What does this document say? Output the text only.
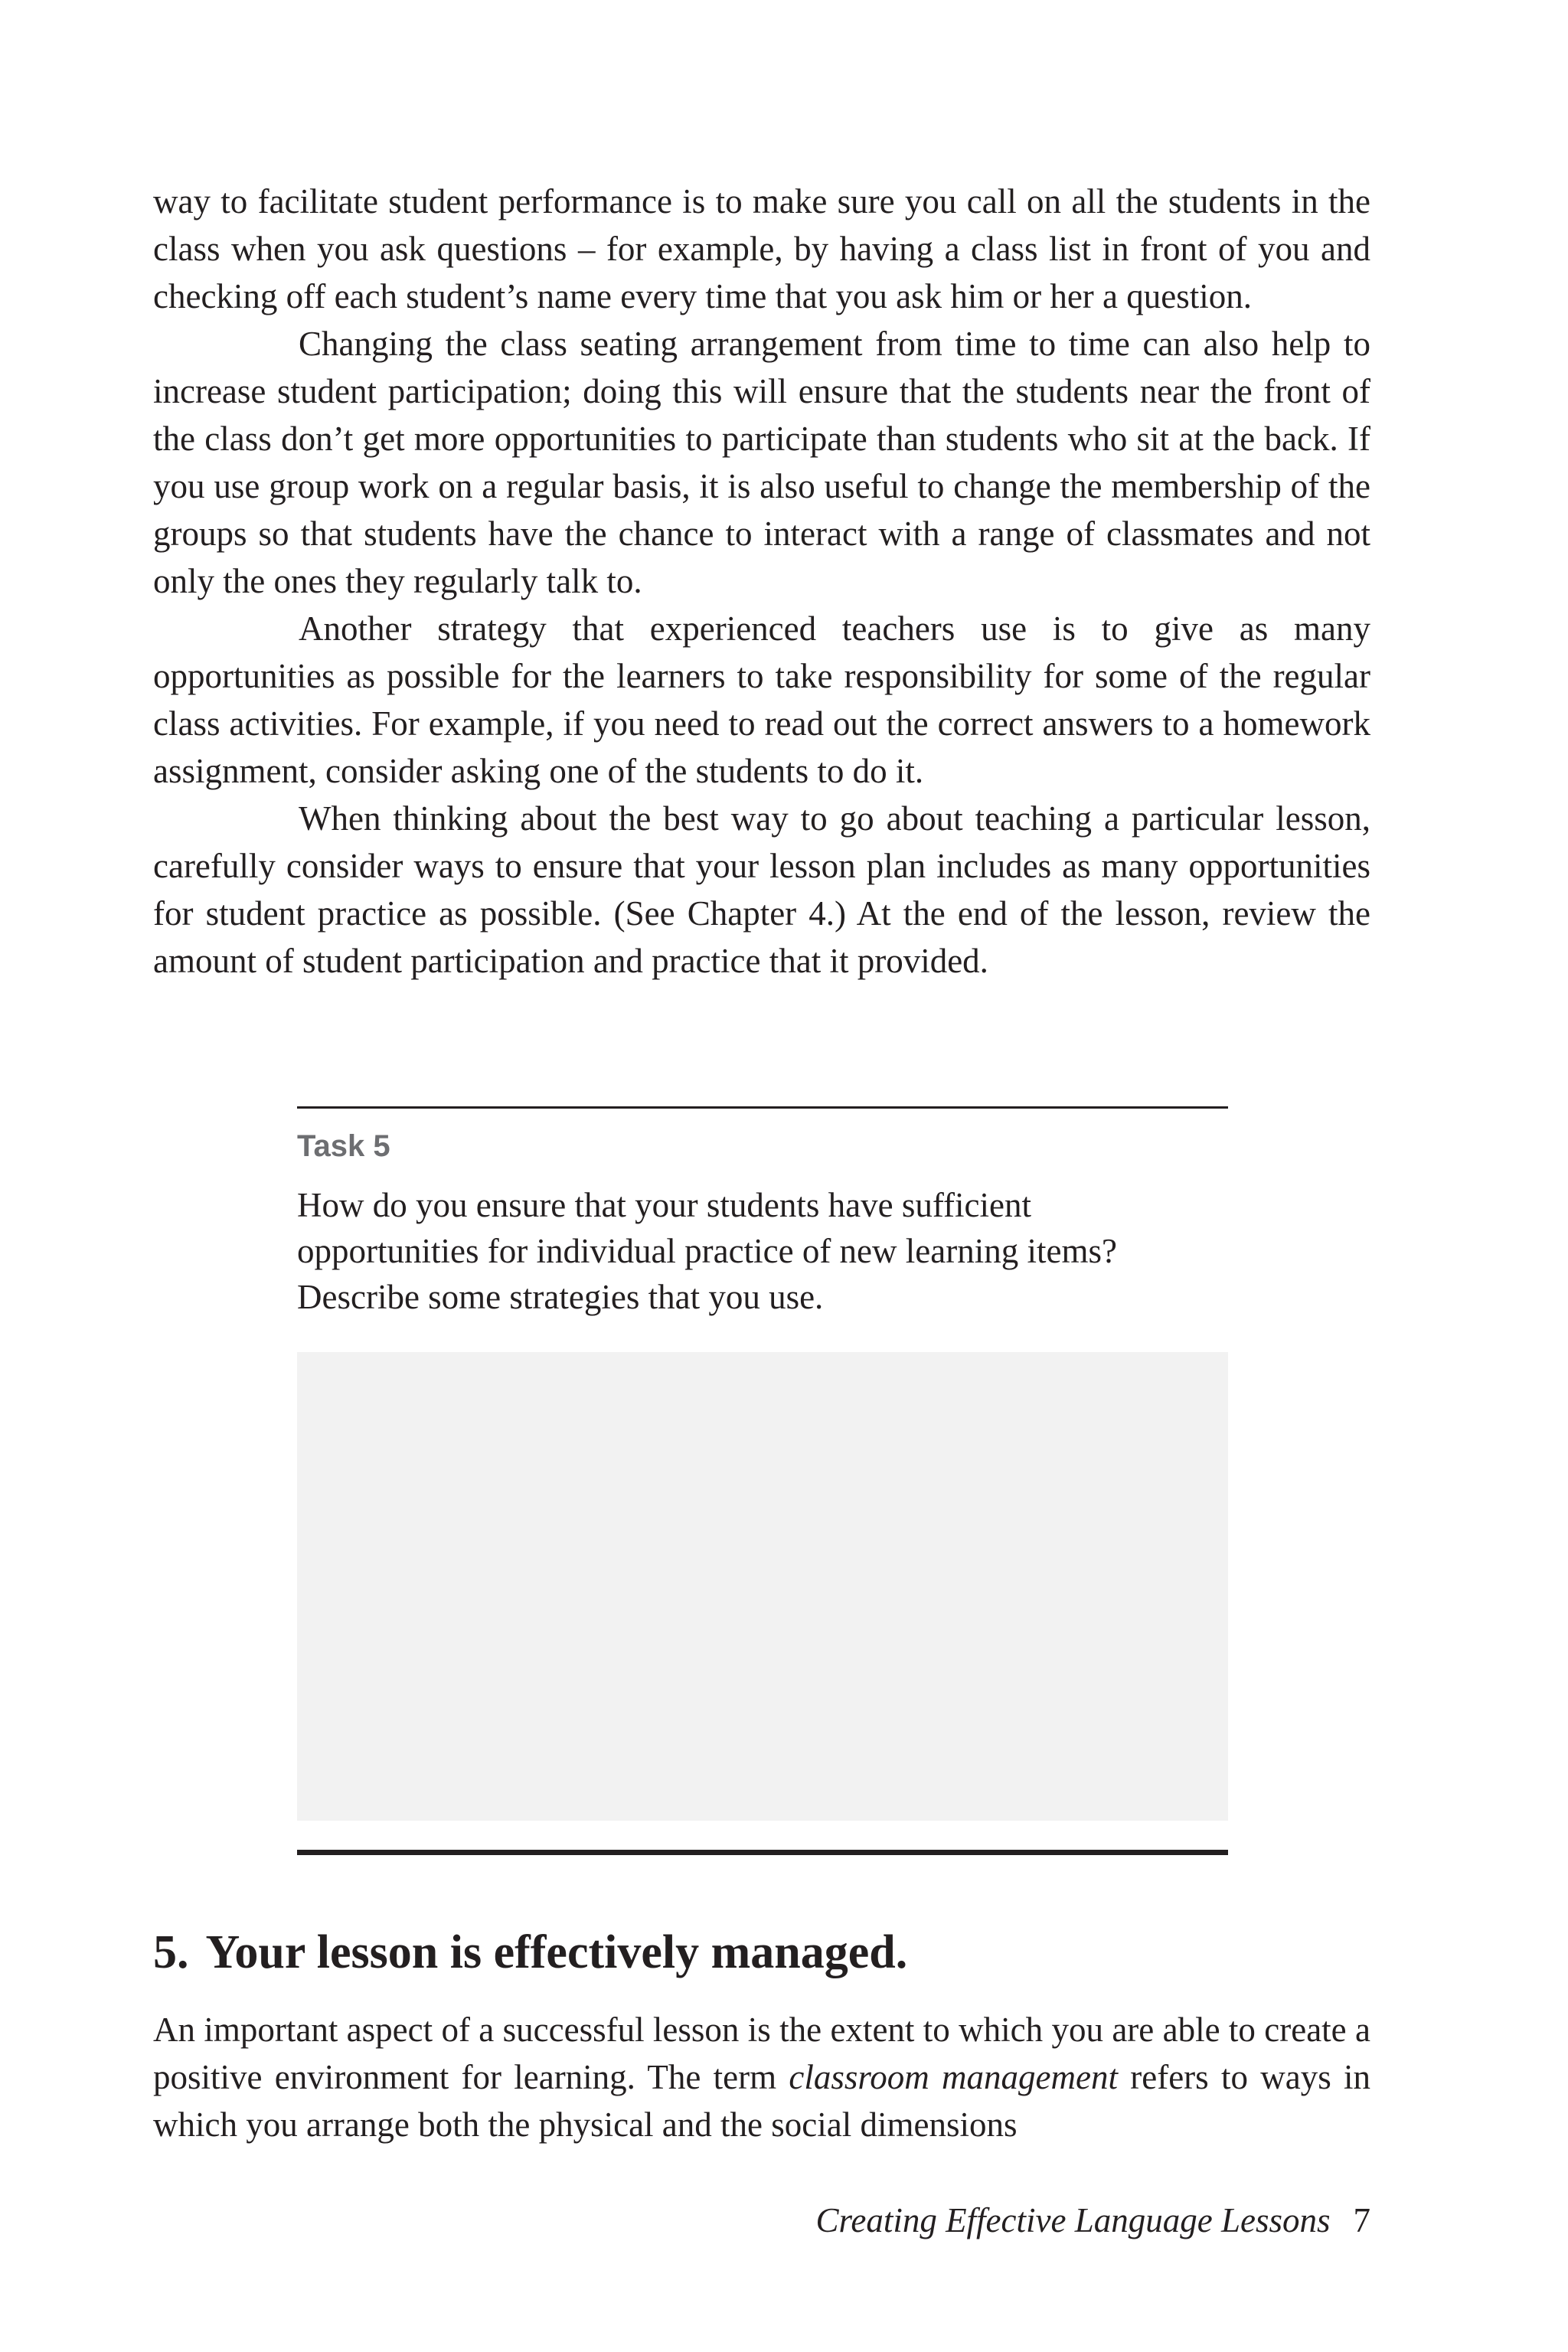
way to facilitate student performance is to make sure you call on all the students in the class when you ask questions – for example, by having a class list in front of you and checking off each student’s name every time that you ask him or her a question.

Changing the class seating arrangement from time to time can also help to increase student participation; doing this will ensure that the students near the front of the class don’t get more opportunities to participate than students who sit at the back. If you use group work on a regular basis, it is also useful to change the membership of the groups so that students have the chance to interact with a range of classmates and not only the ones they regularly talk to.

Another strategy that experienced teachers use is to give as many opportunities as possible for the learners to take responsibility for some of the regular class activities. For example, if you need to read out the correct answers to a homework assignment, consider asking one of the students to do it.

When thinking about the best way to go about teaching a particular lesson, carefully consider ways to ensure that your lesson plan includes as many opportunities for student practice as possible. (See Chapter 4.) At the end of the lesson, review the amount of student participation and practice that it provided.

Task 5
How do you ensure that your students have sufficient opportunities for individual practice of new learning items? Describe some strategies that you use.
5. Your lesson is effectively managed.

An important aspect of a successful lesson is the extent to which you are able to create a positive environment for learning. The term classroom management refers to ways in which you arrange both the physical and the social dimensions

Creating Effective Language Lessons 7
